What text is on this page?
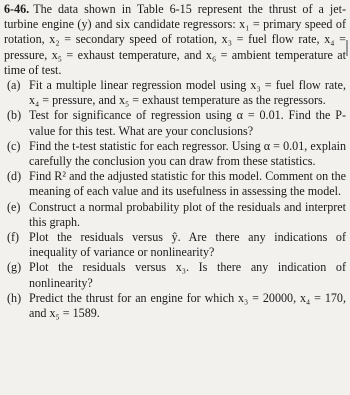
6-46. The data shown in Table 6-15 represent the thrust of a jet-turbine engine (y) and six candidate regressors: x₁ = primary speed of rotation, x₂ = secondary speed of rotation, x₃ = fuel flow rate, x₄ = pressure, x₅ = exhaust temperature, and x₆ = ambient temperature at time of test.
(a) Fit a multiple linear regression model using x₃ = fuel flow rate, x₄ = pressure, and x₅ = exhaust temperature as the regressors.
(b) Test for significance of regression using α = 0.01. Find the P-value for this test. What are your conclusions?
(c) Find the t-test statistic for each regressor. Using α = 0.01, explain carefully the conclusion you can draw from these statistics.
(d) Find R² and the adjusted statistic for this model. Comment on the meaning of each value and its usefulness in assessing the model.
(e) Construct a normal probability plot of the residuals and interpret this graph.
(f) Plot the residuals versus ŷ. Are there any indications of inequality of variance or nonlinearity?
(g) Plot the residuals versus x₃. Is there any indication of nonlinearity?
(h) Predict the thrust for an engine for which x₃ = 20000, x₄ = 170, and x₅ = 1589.
